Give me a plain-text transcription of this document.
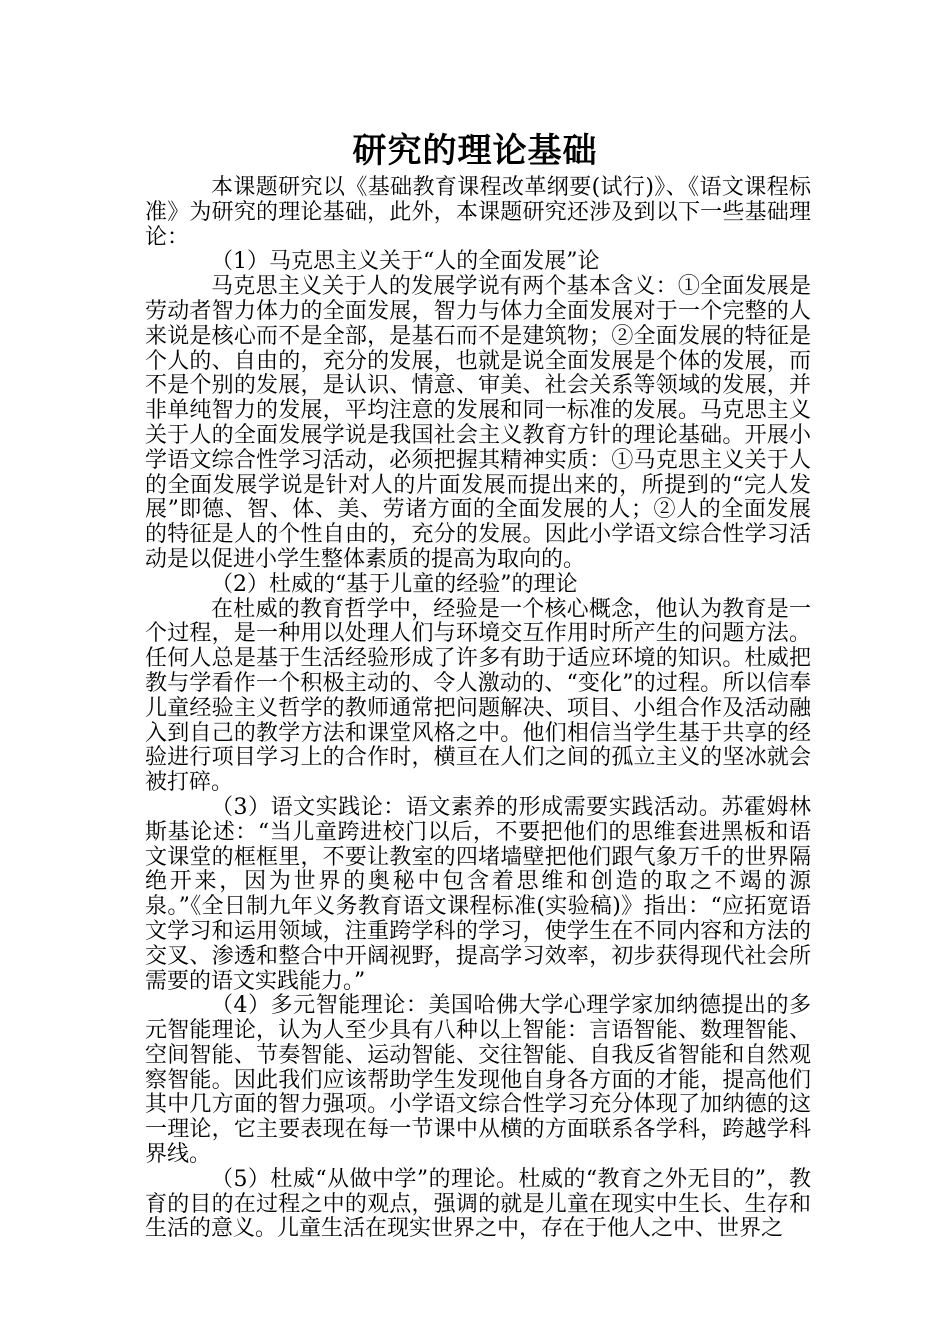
研究的理论基础

本课题研究以《基础教育课程改革纲要(试行)》、《语文课程标准》为研究的理论基础，此外，本课题研究还涉及到以下一些基础理论：

（1）马克思主义关于“人的全面发展”论

马克思主义关于人的发展学说有两个基本含义：①全面发展是劳动者智力体力的全面发展，智力与体力全面发展对于一个完整的人来说是核心而不是全部，是基石而不是建筑物；②全面发展的特征是个人的、自由的，充分的发展，也就是说全面发展是个体的发展，而不是个别的发展，是认识、情意、审美、社会关系等领域的发展，并非单纯智力的发展，平均注意的发展和同一标准的发展。马克思主义关于人的全面发展学说是我国社会主义教育方针的理论基础。开展小学语文综合性学习活动，必须把握其精神实质：①马克思主义关于人的全面发展学说是针对人的片面发展而提出来的，所提到的“完人发展”即德、智、体、美、劳诸方面的全面发展的人；②人的全面发展的特征是人的个性自由的，充分的发展。因此小学语文综合性学习活动是以促进小学生整体素质的提高为取向的。

（2）杜威的“基于儿童的经验”的理论

在杜威的教育哲学中，经验是一个核心概念，他认为教育是一个过程，是一种用以处理人们与环境交互作用时所产生的问题方法。任何人总是基于生活经验形成了许多有助于适应环境的知识。杜威把教与学看作一个积极主动的、令人激动的、“变化”的过程。所以信奉儿童经验主义哲学的教师通常把问题解决、项目、小组合作及活动融入到自己的教学方法和课堂风格之中。他们相信当学生基于共享的经验进行项目学习上的合作时，横亘在人们之间的孤立主义的坚冰就会被打碎。

（3）语文实践论：语文素养的形成需要实践活动。苏霍姆林斯基论述：“当儿童跨进校门以后，不要把他们的思维套进黑板和语文课堂的框框里，不要让教室的四堵墙壁把他们跟气象万千的世界隔绝开来，因为世界的奥秘中包含着思维和创造的取之不竭的源泉。”《全日制九年义务教育语文课程标准(实验稿)》指出：“应拓宽语文学习和运用领域，注重跨学科的学习，使学生在不同内容和方法的交叉、渗透和整合中开阔视野，提高学习效率，初步获得现代社会所需要的语文实践能力。”

（4）多元智能理论：美国哈佛大学心理学家加纳德提出的多元智能理论，认为人至少具有八种以上智能：言语智能、数理智能、空间智能、节奏智能、运动智能、交往智能、自我反省智能和自然观察智能。因此我们应该帮助学生发现他自身各方面的才能，提高他们其中几方面的智力强项。小学语文综合性学习充分体现了加纳德的这一理论，它主要表现在每一节课中从横的方面联系各学科，跨越学科界线。

（5）杜威“从做中学”的理论。杜威的“教育之外无目的”，教育的目的在过程之中的观点，强调的就是儿童在现实中生长、生存和生活的意义。儿童生活在现实世界之中，存在于他人之中、世界之
